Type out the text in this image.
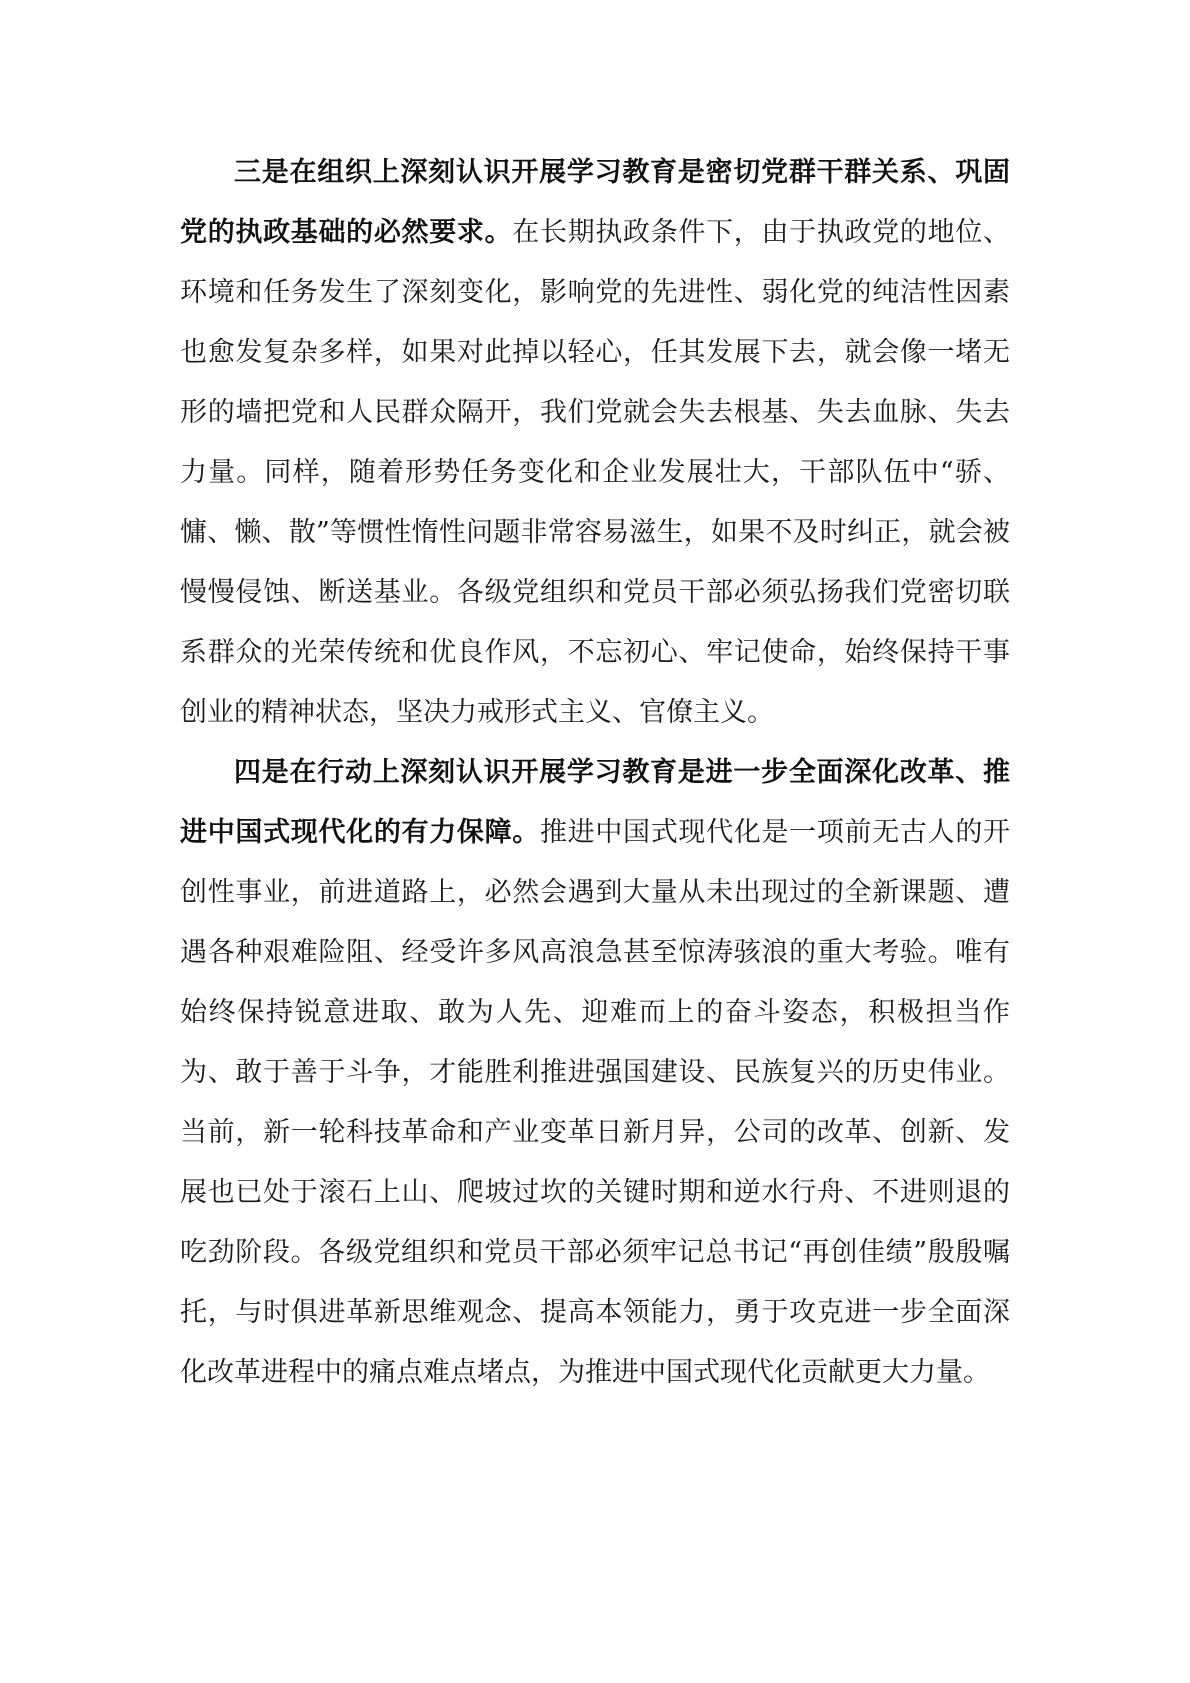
三是在组织上深刻认识开展学习教育是密切党群干群关系、巩固党的执政基础的必然要求。在长期执政条件下，由于执政党的地位、环境和任务发生了深刻变化，影响党的先进性、弱化党的纯洁性因素也愈发复杂多样，如果对此掉以轻心，任其发展下去，就会像一堵无形的墙把党和人民群众隔开，我们党就会失去根基、失去血脉、失去力量。同样，随着形势任务变化和企业发展壮大，干部队伍中“骄、慵、懒、散”等惯性惰性问题非常容易滋生，如果不及时纠正，就会被慢慢侵蚀、断送基业。各级党组织和党员干部必须弘扬我们党密切联系群众的光荣传统和优良作风，不忘初心、牢记使命，始终保持干事创业的精神状态，坚决力戒形式主义、官僚主义。

四是在行动上深刻认识开展学习教育是进一步全面深化改革、推进中国式现代化的有力保障。推进中国式现代化是一项前无古人的开创性事业，前进道路上，必然会遇到大量从未出现过的全新课题、遭遇各种艰难险阻、经受许多风高浪急甚至惊涛骇浪的重大考验。唯有始终保持锐意进取、敢为人先、迎难而上的奋斗姿态，积极担当作为、敢于善于斗争，才能胜利推进强国建设、民族复兴的历史伟业。当前，新一轮科技革命和产业变革日新月异，公司的改革、创新、发展也已处于滚石上山、爬坡过坎的关键时期和逆水行舟、不进则退的吃劲阶段。各级党组织和党员干部必须牢记总书记“再创佳绩”殷殷嘱托，与时俱进革新思维观念、提高本领能力，勇于攻克进一步全面深化改革进程中的痛点难点堵点，为推进中国式现代化贡献更大力量。
